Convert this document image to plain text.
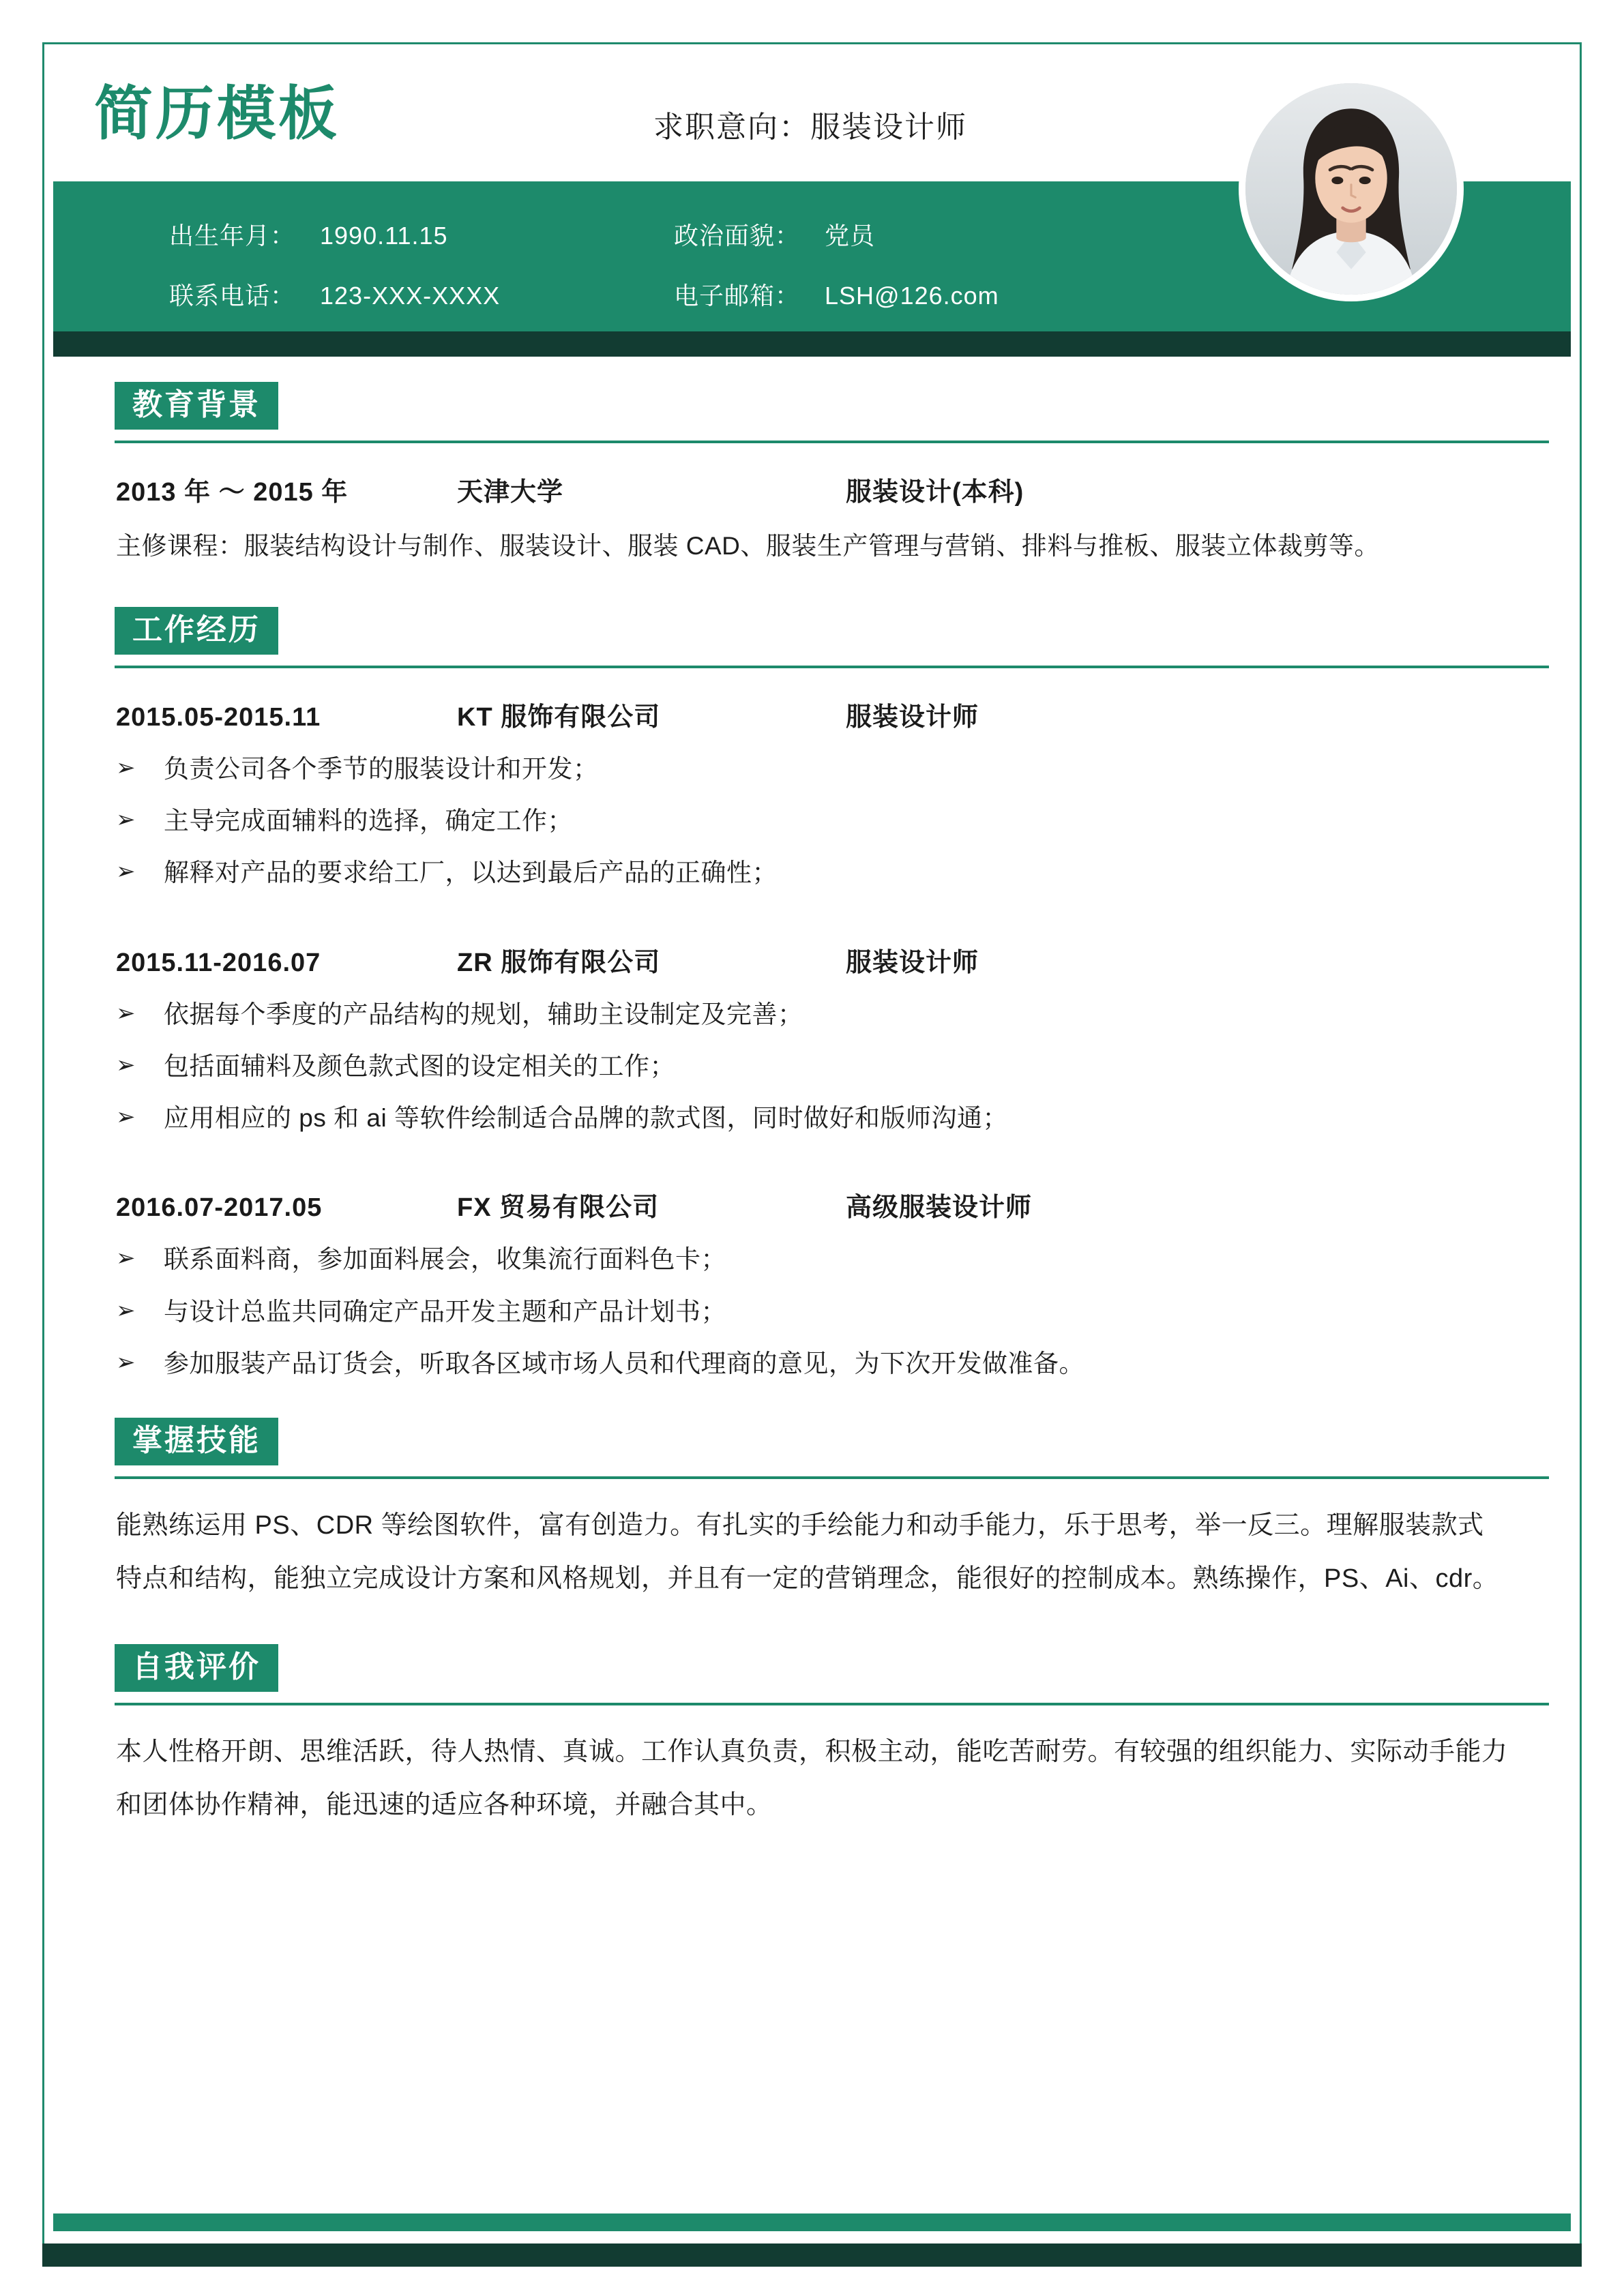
简历模板	求职意向：服装设计师
出生年月： 1990.11.15	政治面貌： 党员
联系电话： 123-XXX-XXXX	电子邮箱： LSH@126.com
教育背景
2013 年 ～ 2015 年	天津大学	服装设计(本科)
主修课程：服装结构设计与制作、服装设计、服装 CAD、服装生产管理与营销、排料与推板、服装立体裁剪等。
工作经历
2015.05-2015.11	KT 服饰有限公司	服装设计师
➢	负责公司各个季节的服装设计和开发；
➢	主导完成面辅料的选择，确定工作；
➢	解释对产品的要求给工厂，以达到最后产品的正确性；
2015.11-2016.07	ZR 服饰有限公司	服装设计师
➢	依据每个季度的产品结构的规划，辅助主设制定及完善；
➢	包括面辅料及颜色款式图的设定相关的工作；
➢	应用相应的 ps 和 ai 等软件绘制适合品牌的款式图，同时做好和版师沟通；
2016.07-2017.05	FX 贸易有限公司	高级服装设计师
➢	联系面料商，参加面料展会，收集流行面料色卡；
➢	与设计总监共同确定产品开发主题和产品计划书；
➢	参加服装产品订货会，听取各区域市场人员和代理商的意见，为下次开发做准备。
掌握技能
能熟练运用 PS、CDR 等绘图软件，富有创造力。有扎实的手绘能力和动手能力，乐于思考，举一反三。理解服装款式特点和结构，能独立完成设计方案和风格规划，并且有一定的营销理念，能很好的控制成本。熟练操作，PS、Ai、cdr。
自我评价
本人性格开朗、思维活跃，待人热情、真诚。工作认真负责，积极主动，能吃苦耐劳。有较强的组织能力、实际动手能力和团体协作精神，能迅速的适应各种环境，并融合其中。
